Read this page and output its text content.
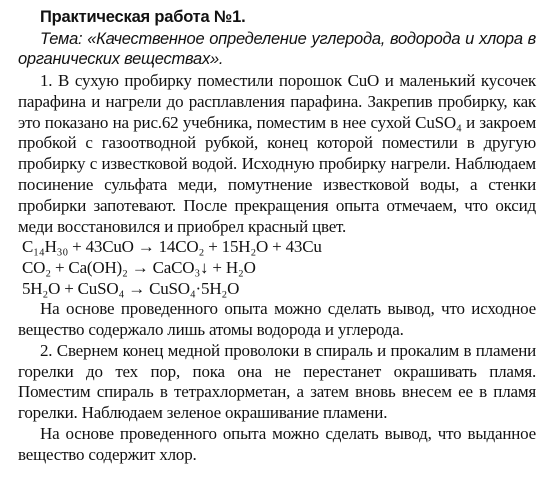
Практическая работа №1.
Тема: «Качественное определение углерода, водорода и хлора в органических веществах».

1. В сухую пробирку поместили порошок CuO и маленький кусочек парафина и нагрели до расплавления парафина. Закрепив пробирку, как это показано на рис.62 учебника, поместим в нее сухой CuSO₄ и закроем пробкой с газоотводной рубкой, конец которой поместили в другую пробирку с известковой водой. Исходную пробирку нагрели. Наблюдаем посинение сульфата меди, помутнение известковой воды, а стенки пробирки запотевают. После прекращения опыта отмечаем, что оксид меди восстановился и приобрел красный цвет.

C₁₄H₃₀ + 43CuO → 14CO₂ + 15H₂O + 43Cu
CO₂ + Ca(OH)₂ → CaCO₃↓ + H₂O
5H₂O + CuSO₄ → CuSO₄·5H₂O

На основе проведенного опыта можно сделать вывод, что исходное вещество содержало лишь атомы водорода и углерода.

2. Свернем конец медной проволоки в спираль и прокалим в пламени горелки до тех пор, пока она не перестанет окрашивать пламя. Поместим спираль в тетрахлорметан, а затем вновь внесем ее в пламя горелки. Наблюдаем зеленое окрашивание пламени.

На основе проведенного опыта можно сделать вывод, что выданное вещество содержит хлор.
